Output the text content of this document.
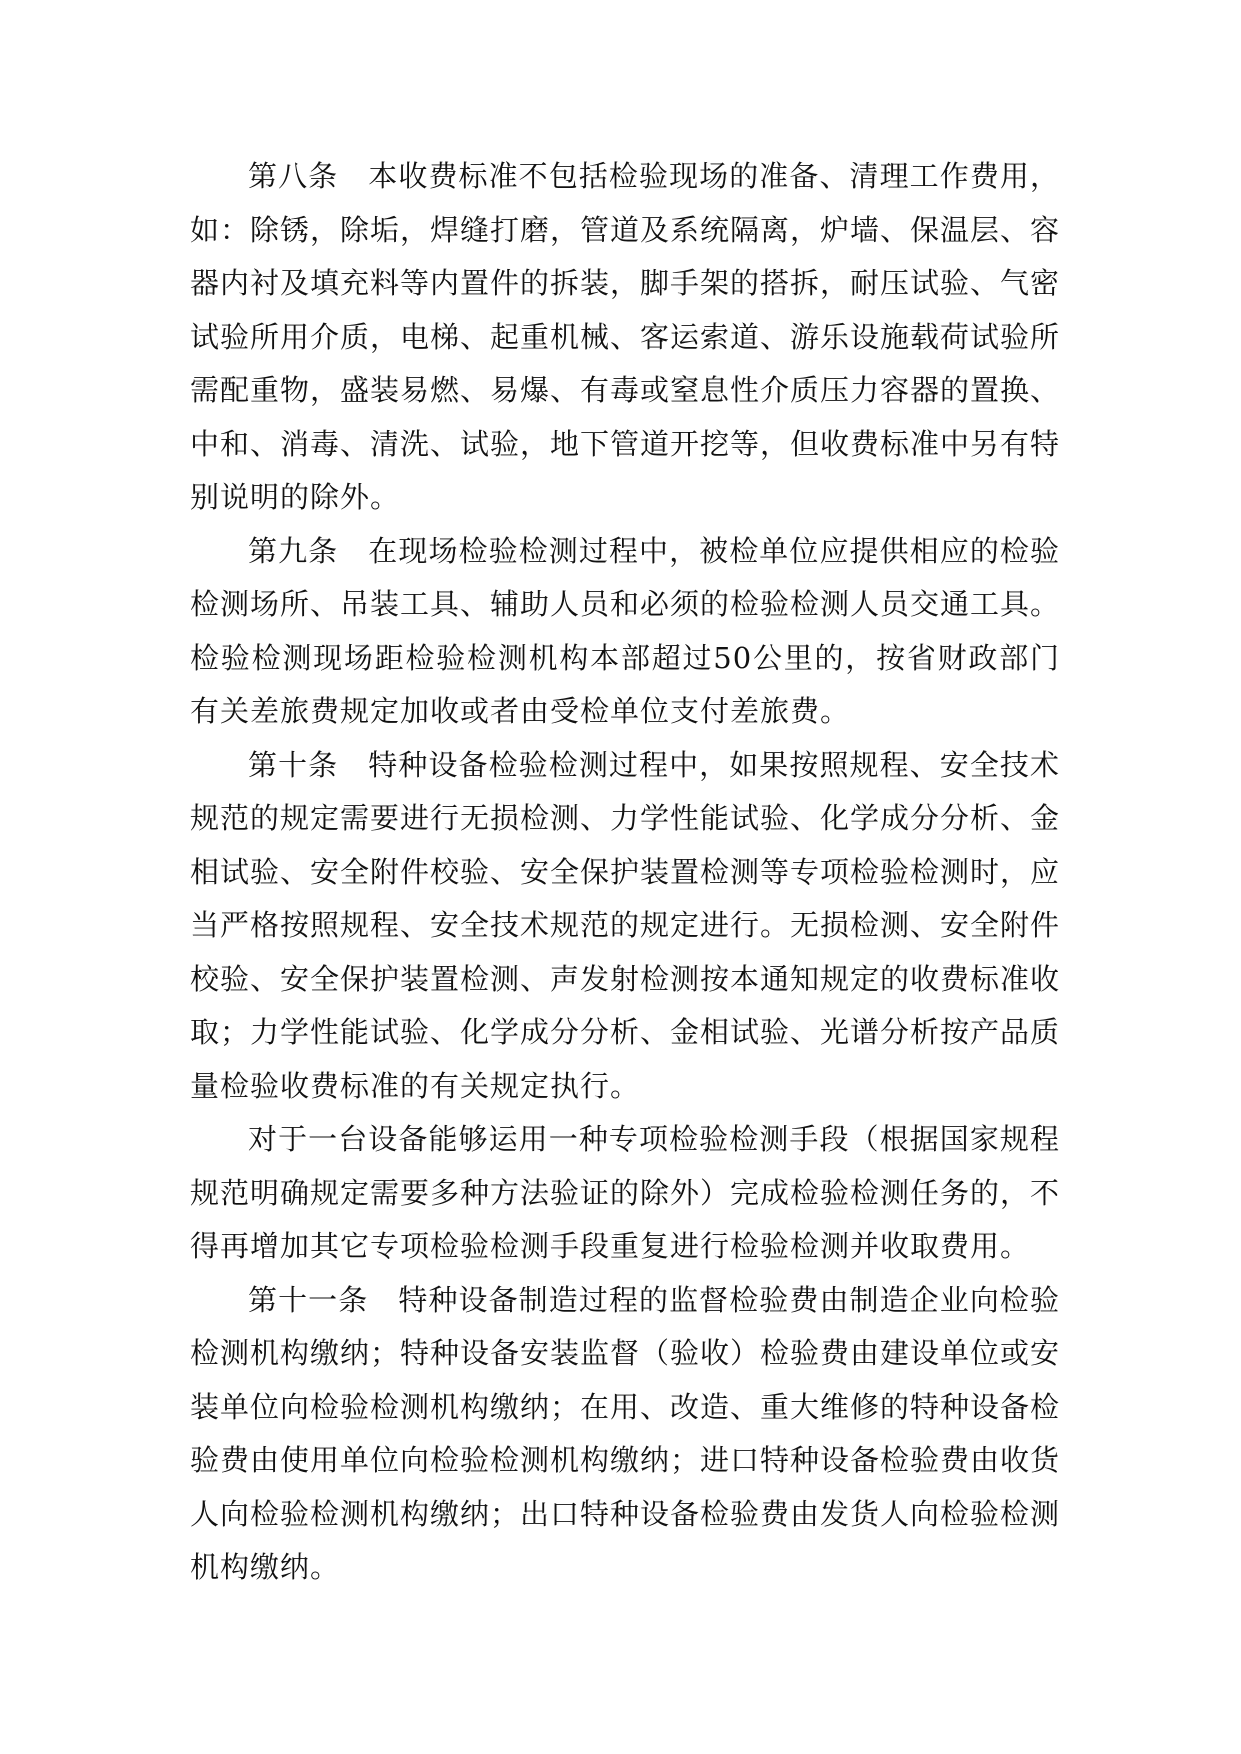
第八条　本收费标准不包括检验现场的准备、清理工作费用，如：除锈，除垢，焊缝打磨，管道及系统隔离，炉墙、保温层、容器内衬及填充料等内置件的拆装，脚手架的搭拆，耐压试验、气密试验所用介质，电梯、起重机械、客运索道、游乐设施载荷试验所需配重物，盛装易燃、易爆、有毒或窒息性介质压力容器的置换、中和、消毒、清洗、试验，地下管道开挖等，但收费标准中另有特别说明的除外。

第九条　在现场检验检测过程中，被检单位应提供相应的检验检测场所、吊装工具、辅助人员和必须的检验检测人员交通工具。检验检测现场距检验检测机构本部超过50公里的，按省财政部门有关差旅费规定加收或者由受检单位支付差旅费。

第十条　特种设备检验检测过程中，如果按照规程、安全技术规范的规定需要进行无损检测、力学性能试验、化学成分分析、金相试验、安全附件校验、安全保护装置检测等专项检验检测时，应当严格按照规程、安全技术规范的规定进行。无损检测、安全附件校验、安全保护装置检测、声发射检测按本通知规定的收费标准收取；力学性能试验、化学成分分析、金相试验、光谱分析按产品质量检验收费标准的有关规定执行。

对于一台设备能够运用一种专项检验检测手段（根据国家规程规范明确规定需要多种方法验证的除外）完成检验检测任务的，不得再增加其它专项检验检测手段重复进行检验检测并收取费用。

第十一条　特种设备制造过程的监督检验费由制造企业向检验检测机构缴纳；特种设备安装监督（验收）检验费由建设单位或安装单位向检验检测机构缴纳；在用、改造、重大维修的特种设备检验费由使用单位向检验检测机构缴纳；进口特种设备检验费由收货人向检验检测机构缴纳；出口特种设备检验费由发货人向检验检测机构缴纳。
